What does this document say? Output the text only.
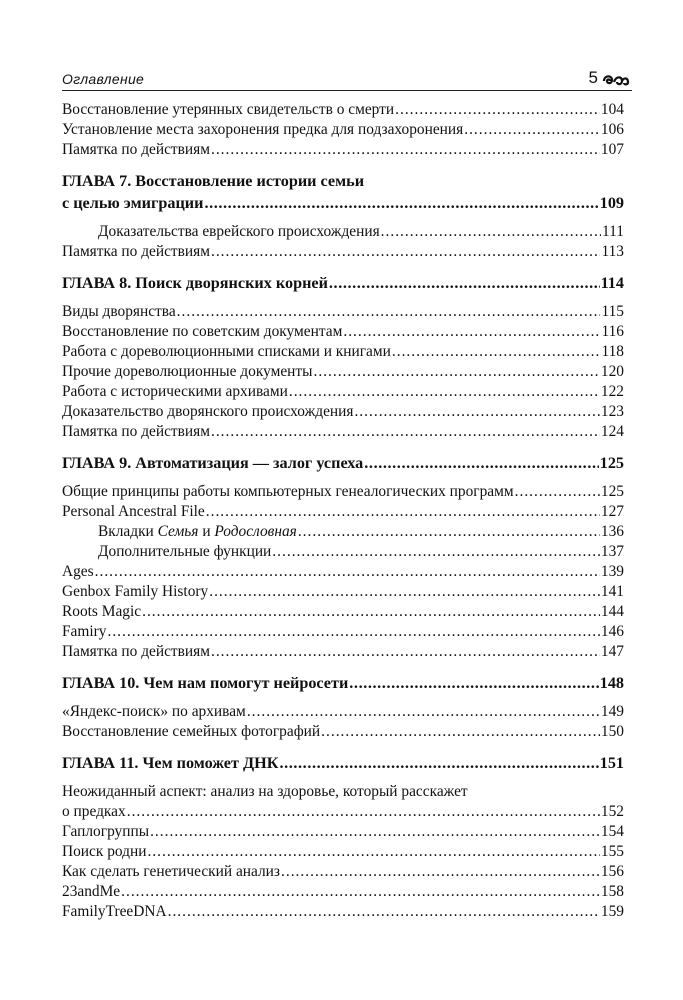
Оглавление	5
Восстановление утерянных свидетельств о смерти .....	104
Установление места захоронения предка для подзахоронения .....	106
Памятка по действиям .....	107
ГЛАВА 7. Восстановление истории семьи
с целью эмиграции .....	109
Доказательства еврейского происхождения .....	111
Памятка по действиям .....	113
ГЛАВА 8. Поиск дворянских корней .....	114
Виды дворянства .....	115
Восстановление по советским документам .....	116
Работа с дореволюционными списками и книгами .....	118
Прочие дореволюционные документы .....	120
Работа с историческими архивами .....	122
Доказательство дворянского происхождения .....	123
Памятка по действиям .....	124
ГЛАВА 9. Автоматизация — залог успеха .....	125
Общие принципы работы компьютерных генеалогических программ .....	125
Personal Ancestral File .....	127
Вкладки Семья и Родословная .....	136
Дополнительные функции .....	137
Ages .....	139
Genbox Family History .....	141
Roots Magic .....	144
Famiry .....	146
Памятка по действиям .....	147
ГЛАВА 10. Чем нам помогут нейросети .....	148
«Яндекс-поиск» по архивам .....	149
Восстановление семейных фотографий .....	150
ГЛАВА 11. Чем поможет ДНК .....	151
Неожиданный аспект: анализ на здоровье, который расскажет
о предках .....	152
Гаплогруппы .....	154
Поиск родни .....	155
Как сделать генетический анализ .....	156
23andMe .....	158
FamilyTreeDNA .....	159
